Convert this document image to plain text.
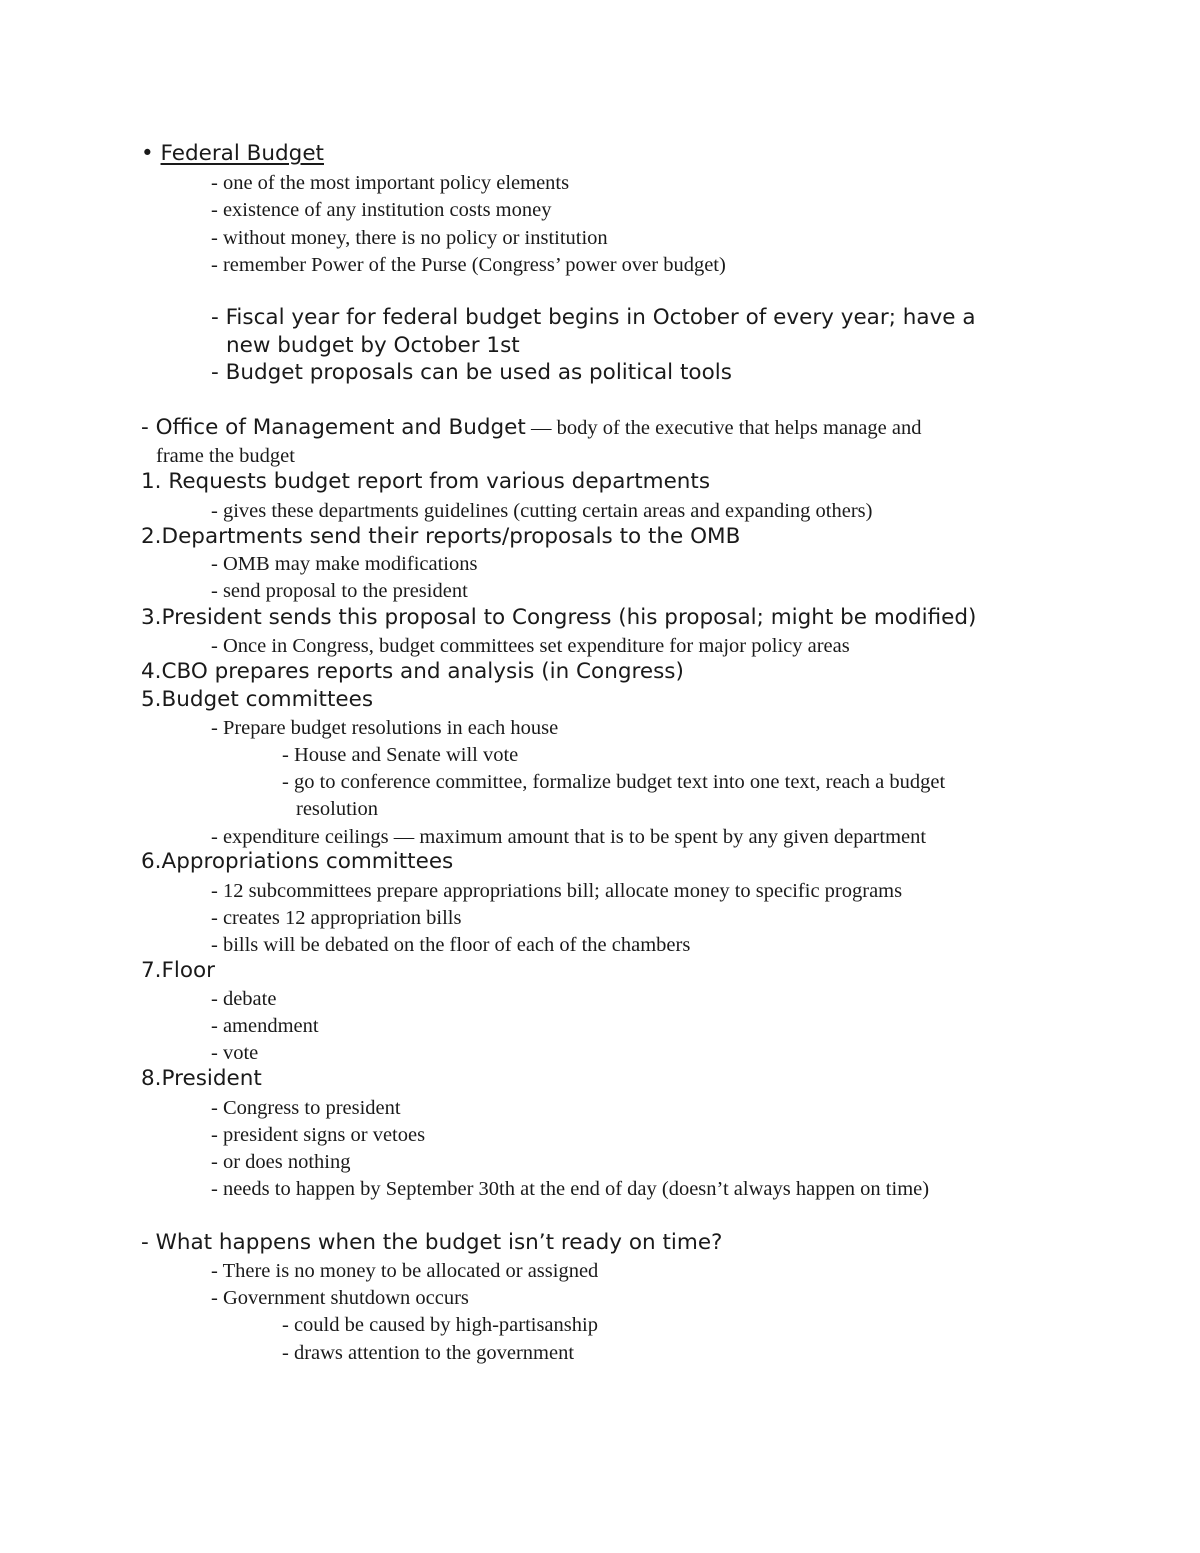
• Federal Budget
- one of the most important policy elements
- existence of any institution costs money
- without money, there is no policy or institution
- remember Power of the Purse (Congress’ power over budget)
- Fiscal year for federal budget begins in October of every year; have a
new budget by October 1st
- Budget proposals can be used as political tools
- Office of Management and Budget — body of the executive that helps manage and
frame the budget
1. Requests budget report from various departments
- gives these departments guidelines (cutting certain areas and expanding others)
2.Departments send their reports/proposals to the OMB
- OMB may make modifications
- send proposal to the president
3.President sends this proposal to Congress (his proposal; might be modified)
- Once in Congress, budget committees set expenditure for major policy areas
4.CBO prepares reports and analysis (in Congress)
5.Budget committees
- Prepare budget resolutions in each house
- House and Senate will vote
- go to conference committee, formalize budget text into one text, reach a budget
resolution
- expenditure ceilings — maximum amount that is to be spent by any given department
6.Appropriations committees
- 12 subcommittees prepare appropriations bill; allocate money to specific programs
- creates 12 appropriation bills
- bills will be debated on the floor of each of the chambers
7.Floor
- debate
- amendment
- vote
8.President
- Congress to president
- president signs or vetoes
- or does nothing
- needs to happen by September 30th at the end of day (doesn’t always happen on time)
- What happens when the budget isn’t ready on time?
- There is no money to be allocated or assigned
- Government shutdown occurs
- could be caused by high-partisanship
- draws attention to the government
